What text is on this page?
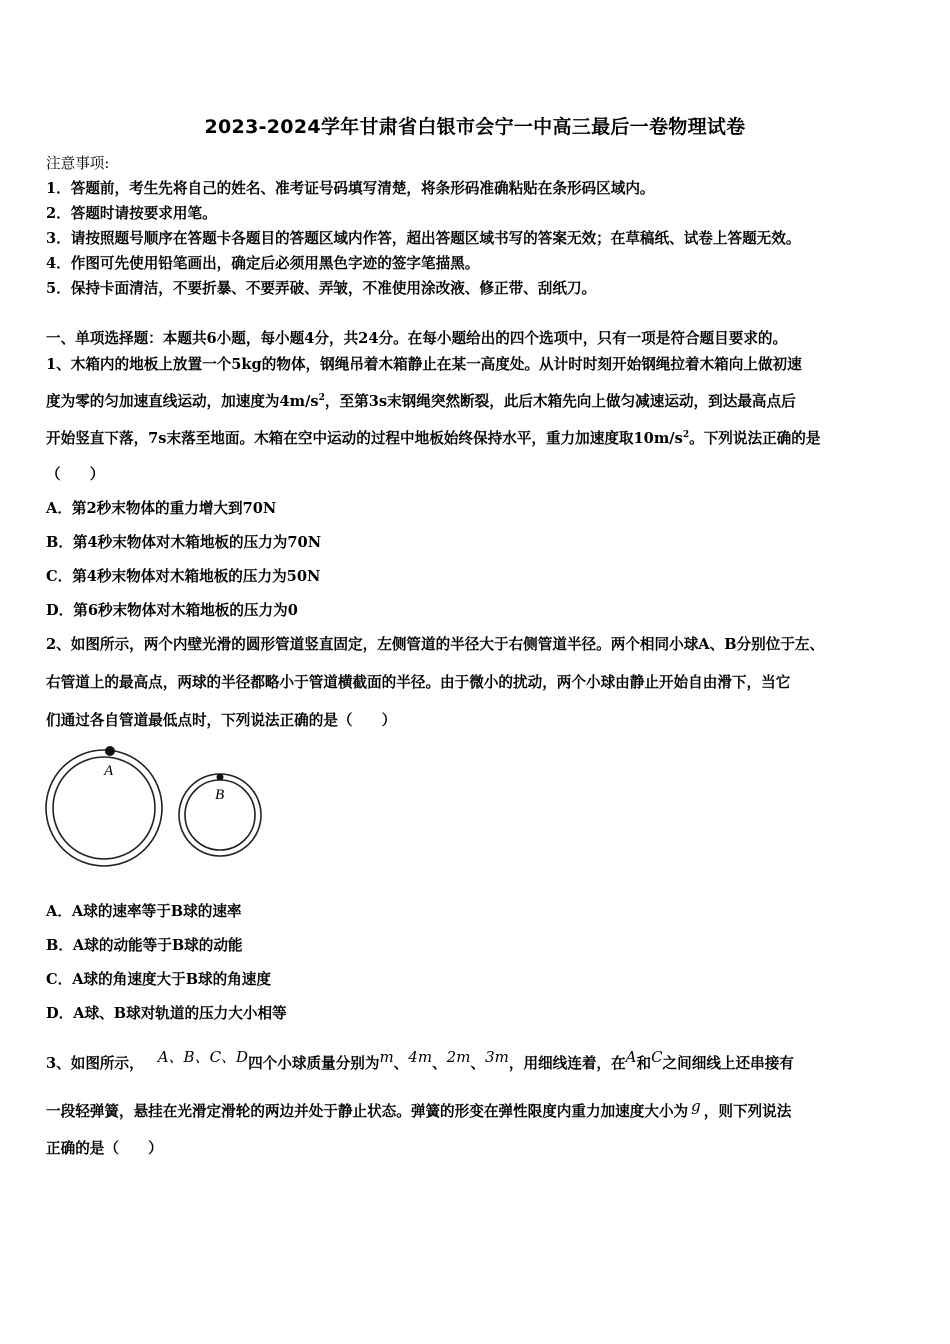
2023-2024学年甘肃省白银市会宁一中高三最后一卷物理试卷
注意事项:
1．答题前，考生先将自己的姓名、准考证号码填写清楚，将条形码准确粘贴在条形码区域内。
2．答题时请按要求用笔。
3．请按照题号顺序在答题卡各题目的答题区域内作答，超出答题区域书写的答案无效；在草稿纸、试卷上答题无效。
4．作图可先使用铅笔画出，确定后必须用黑色字迹的签字笔描黑。
5．保持卡面清洁，不要折暴、不要弄破、弄皱，不准使用涂改液、修正带、刮纸刀。
一、单项选择题：本题共6小题，每小题4分，共24分。在每小题给出的四个选项中，只有一项是符合题目要求的。
1、木箱内的地板上放置一个5kg的物体，钢绳吊着木箱静止在某一高度处。从计时时刻开始钢绳拉着木箱向上做初速
度为零的匀加速直线运动，加速度为$4m/s^2$，至第3s末钢绳突然断裂，此后木箱先向上做匀减速运动，到达最高点后
开始竖直下落，7s末落至地面。木箱在空中运动的过程中地板始终保持水平，重力加速度取$10m/s^2$。下列说法正确的是
（　　）
A．第2秒末物体的重力增大到70N
B．第4秒末物体对木箱地板的压力为70N
C．第4秒末物体对木箱地板的压力为50N
D．第6秒末物体对木箱地板的压力为0
2、如图所示，两个内壁光滑的圆形管道竖直固定，左侧管道的半径大于右侧管道半径。两个相同小球A、B分别位于左、
右管道上的最高点，两球的半径都略小于管道横截面的半径。由于微小的扰动，两个小球由静止开始自由滑下，当它
们通过各自管道最低点时，下列说法正确的是（　　）
A
B
A．A球的速率等于B球的速率
B．A球的动能等于B球的动能
C．A球的角速度大于B球的角速度
D．A球、B球对轨道的压力大小相等
3、如图所示， A、B、C、D四个小球质量分别为m、4m、2m、3m，用细线连着，在A和C之间细线上还串接有
一段轻弹簧，悬挂在光滑定滑轮的两边并处于静止状态。弹簧的形变在弹性限度内重力加速度大小为 g ，则下列说法
正确的是（　　）
